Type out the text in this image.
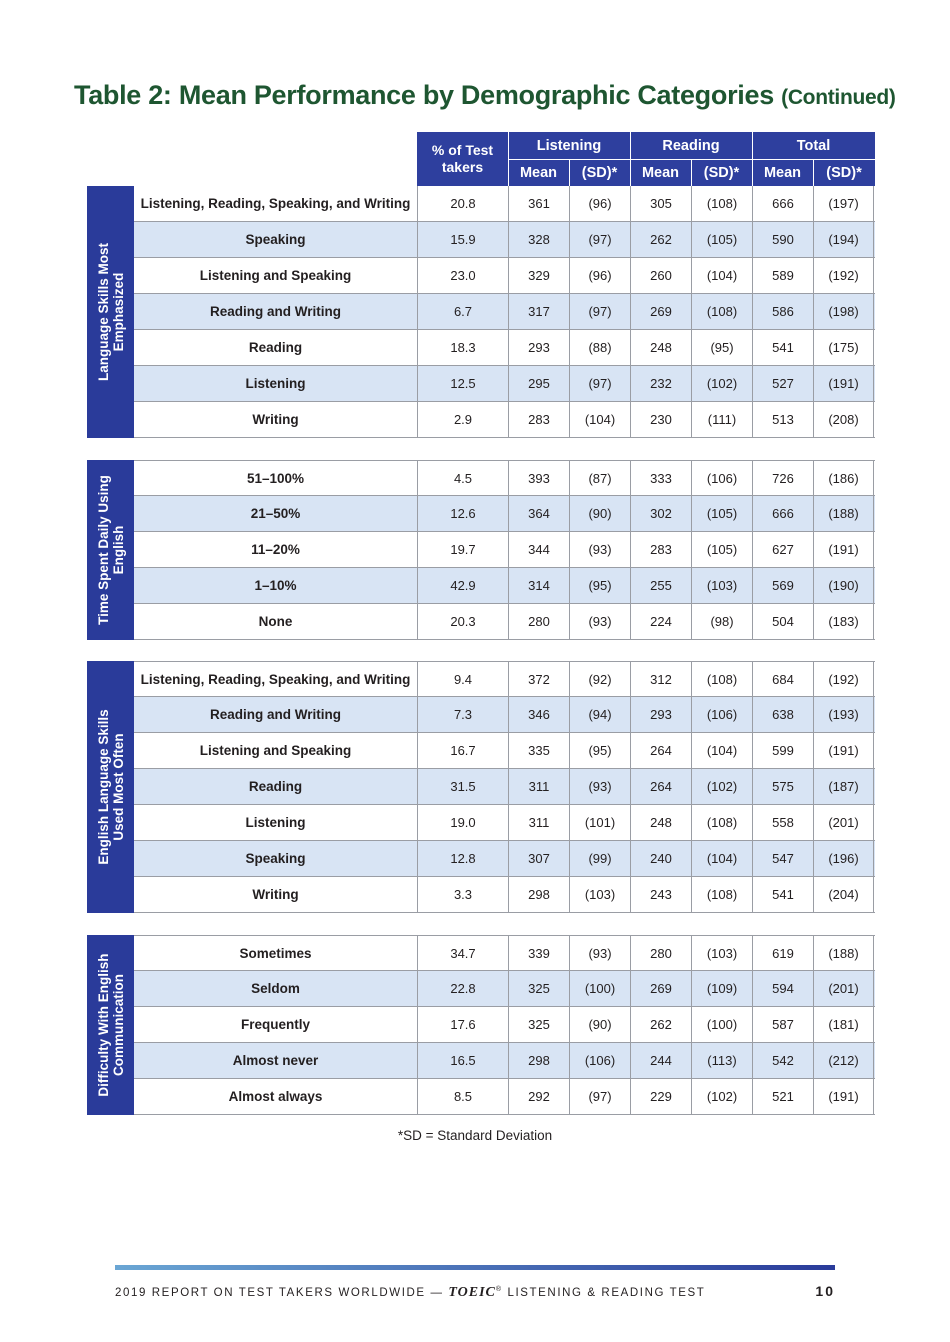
Table 2: Mean Performance by Demographic Categories (Continued)
% of Test takers
Listening	Reading	Total
Mean	(SD)*	Mean	(SD)*	Mean	(SD)*
Language Skills Most
Emphasized
Listening, Reading, Speaking, and Writing	20.8	361	(96)	305	(108)	666	(197)
Speaking	15.9	328	(97)	262	(105)	590	(194)
Listening and Speaking	23.0	329	(96)	260	(104)	589	(192)
Reading and Writing	6.7	317	(97)	269	(108)	586	(198)
Reading	18.3	293	(88)	248	(95)	541	(175)
Listening	12.5	295	(97)	232	(102)	527	(191)
Writing	2.9	283	(104)	230	(111)	513	(208)
Time Spent Daily Using
English
51–100%	4.5	393	(87)	333	(106)	726	(186)
21–50%	12.6	364	(90)	302	(105)	666	(188)
11–20%	19.7	344	(93)	283	(105)	627	(191)
1–10%	42.9	314	(95)	255	(103)	569	(190)
None	20.3	280	(93)	224	(98)	504	(183)
English Language Skills
Used Most Often
Listening, Reading, Speaking, and Writing	9.4	372	(92)	312	(108)	684	(192)
Reading and Writing	7.3	346	(94)	293	(106)	638	(193)
Listening and Speaking	16.7	335	(95)	264	(104)	599	(191)
Reading	31.5	311	(93)	264	(102)	575	(187)
Listening	19.0	311	(101)	248	(108)	558	(201)
Speaking	12.8	307	(99)	240	(104)	547	(196)
Writing	3.3	298	(103)	243	(108)	541	(204)
Difficulty With English
Communication
Sometimes	34.7	339	(93)	280	(103)	619	(188)
Seldom	22.8	325	(100)	269	(109)	594	(201)
Frequently	17.6	325	(90)	262	(100)	587	(181)
Almost never	16.5	298	(106)	244	(113)	542	(212)
Almost always	8.5	292	(97)	229	(102)	521	(191)
*SD = Standard Deviation
2019 REPORT ON TEST TAKERS WORLDWIDE — TOEIC® LISTENING & READING TEST	10
